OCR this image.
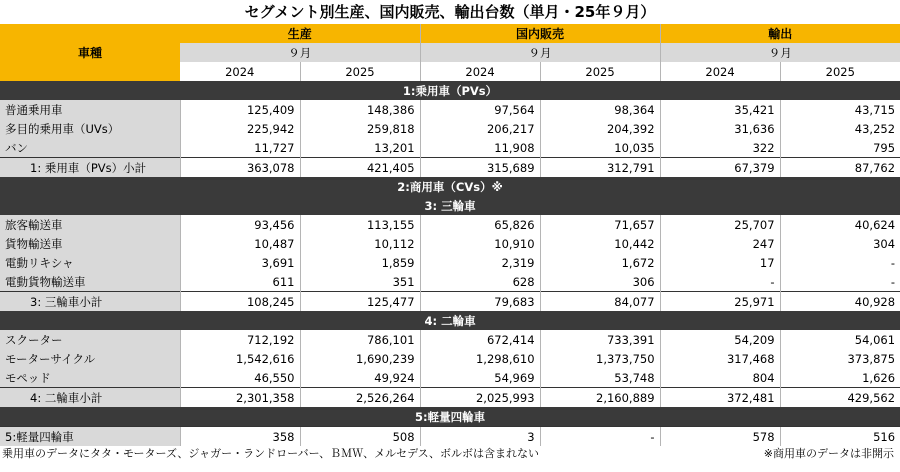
セグメント別生産、国内販売、輸出台数（単月・25年９月）
車種	生産		国内販売		輸出	
	９月		９月		９月	
	2024	2025	2024	2025	2024	2025
1:乗用車（PVs）						
普通乗用車	125,409	148,386	97,564	98,364	35,421	43,715
多目的乗用車（UVs）	225,942	259,818	206,217	204,392	31,636	43,252
バン	11,727	13,201	11,908	10,035	322	795
1: 乗用車（PVs）小計	363,078	421,405	315,689	312,791	67,379	87,762
2:商用車（CVs）※						
3: 三輪車						
旅客輸送車	93,456	113,155	65,826	71,657	25,707	40,624
貨物輸送車	10,487	10,112	10,910	10,442	247	304
電動リキシャ	3,691	1,859	2,319	1,672	17	-
電動貨物輸送車	611	351	628	306	-	-
3: 三輪車小計	108,245	125,477	79,683	84,077	25,971	40,928
4: 二輪車						
スクーター	712,192	786,101	672,414	733,391	54,209	54,061
モーターサイクル	1,542,616	1,690,239	1,298,610	1,373,750	317,468	373,875
モペッド	46,550	49,924	54,969	53,748	804	1,626
4: 二輪車小計	2,301,358	2,526,264	2,025,993	2,160,889	372,481	429,562
5:軽量四輪車						
5:軽量四輪車	358	508	3	-	578	516
乗用車のデータにタタ・モーターズ、ジャガー・ランドローバー、ＢＭＷ、メルセデス、ボルボは含まれない	※商用車のデータは非開示
